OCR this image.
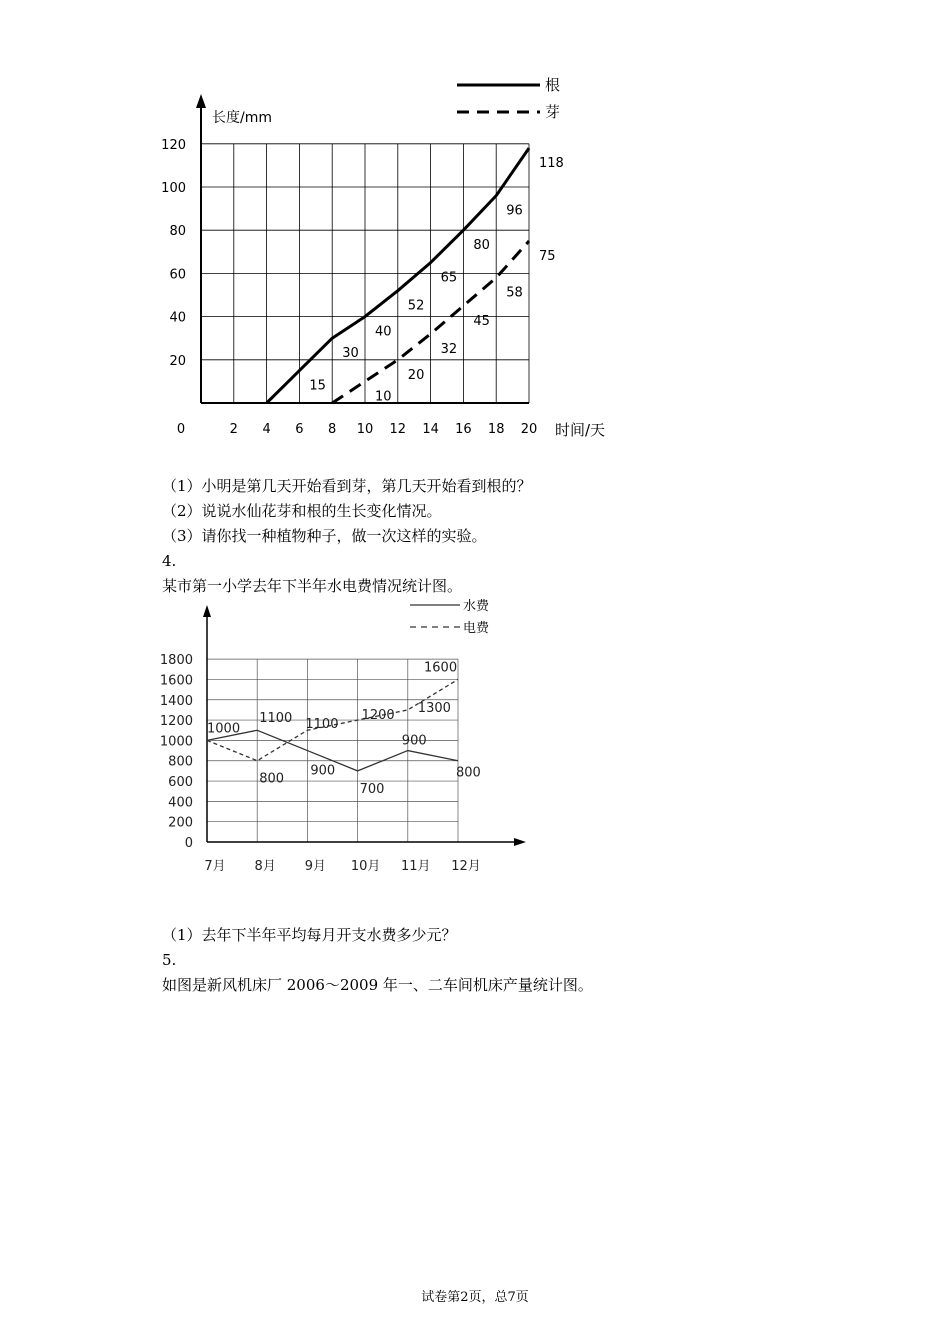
长度/mm
时间/天
0	2 4 6 8 10 12 14 16 18 20
20
40
60
80
100
120
15
30
40
52
65
80
96
118
10
20
32
45
58
75
根
芽
（1）小明是第几天开始看到芽，第几天开始看到根的？
（2）说说水仙花芽和根的生长变化情况。
（3）请你找一种植物种子，做一次这样的实验。
4.
某市第一小学去年下半年水电费情况统计图。
0
200
400
600
800
1000
1200
1400
1600
1800
7月 8月 9月 10月 11月 12月
1000
1100
900
700
900
800
800
1100
1200 1300
1600
水费
电费
（1）去年下半年平均每月开支水费多少元？
5.
如图是新风机床厂 2006～2009 年一、二车间机床产量统计图。
试卷第2页，总7页
